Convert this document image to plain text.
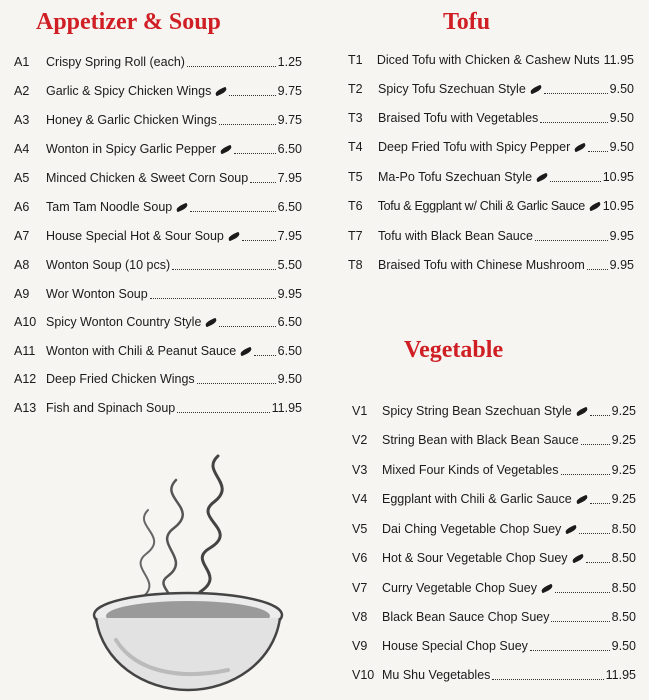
Appetizer & Soup	Tofu
Vegetable
A1	Crispy Spring Roll (each)	1.25
A2	Garlic & Spicy Chicken Wings	9.75
A3	Honey & Garlic Chicken Wings	9.75
A4	Wonton in Spicy Garlic Pepper	6.50
A5	Minced Chicken & Sweet Corn Soup 7.95
A6	Tam Tam Noodle Soup	6.50
A7	House Special Hot & Sour Soup	7.95
A8	Wonton Soup (10 pcs)	5.50
A9	Wor Wonton Soup	9.95
A10 Spicy Wonton Country Style	6.50
A11 Wonton with Chili & Peanut Sauce	6.50
A12 Deep Fried Chicken Wings	9.50
A13 Fish and Spinach Soup	11.95
T1	Diced Tofu with Chicken & Cashew Nuts 11.95
T2	Spicy Tofu Szechuan Style	9.50
T3	Braised Tofu with Vegetables	9.50
T4	Deep Fried Tofu with Spicy Pepper	9.50
T5	Ma-Po Tofu Szechuan Style	10.95
T6	Tofu & Eggplant w/ Chili & Garlic Sauce 10.95
T7	Tofu with Black Bean Sauce	9.95
T8	Braised Tofu with Chinese Mushroom 9.95
V1	Spicy String Bean Szechuan Style	9.25
V2	String Bean with Black Bean Sauce	9.25
V3	Mixed Four Kinds of Vegetables	9.25
V4	Eggplant with Chili & Garlic Sauce	9.25
V5	Dai Ching Vegetable Chop Suey	8.50
V6	Hot & Sour Vegetable Chop Suey	8.50
V7	Curry Vegetable Chop Suey	8.50
V8	Black Bean Sauce Chop Suey	8.50
V9	House Special Chop Suey	9.50
V10 Mu Shu Vegetables	11.95
